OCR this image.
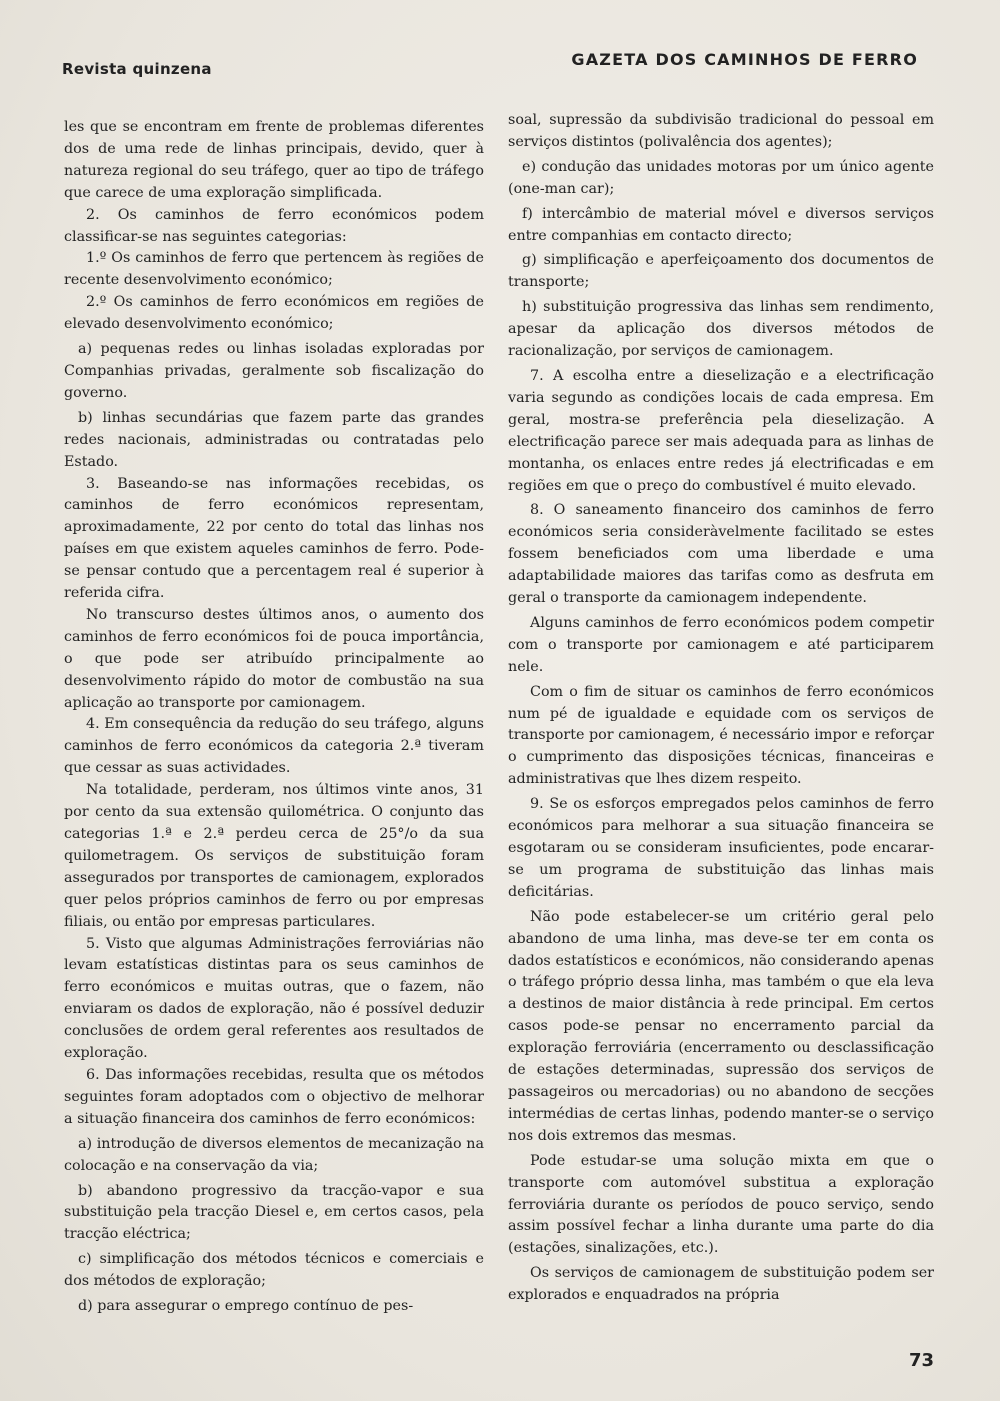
Revista quinzena	GAZETA DOS CAMINHOS DE FERRO

les que se encontram em frente de problemas diferentes dos de uma rede de linhas principais, devido, quer à natureza regional do seu tráfego, quer ao tipo de tráfego que carece de uma exploração simplificada.

2. Os caminhos de ferro económicos podem classificar-se nas seguintes categorias:

1.º Os caminhos de ferro que pertencem às regiões de recente desenvolvimento económico;

2.º Os caminhos de ferro económicos em regiões de elevado desenvolvimento económico;

a) pequenas redes ou linhas isoladas exploradas por Companhias privadas, geralmente sob fiscalização do governo.

b) linhas secundárias que fazem parte das grandes redes nacionais, administradas ou contratadas pelo Estado.

3. Baseando-se nas informações recebidas, os caminhos de ferro económicos representam, aproximadamente, 22 por cento do total das linhas nos países em que existem aqueles caminhos de ferro. Pode-se pensar contudo que a percentagem real é superior à referida cifra.

No transcurso destes últimos anos, o aumento dos caminhos de ferro económicos foi de pouca importância, o que pode ser atribuído principalmente ao desenvolvimento rápido do motor de combustão na sua aplicação ao transporte por camionagem.

4. Em consequência da redução do seu tráfego, alguns caminhos de ferro económicos da categoria 2.ª tiveram que cessar as suas actividades.

Na totalidade, perderam, nos últimos vinte anos, 31 por cento da sua extensão quilométrica. O conjunto das categorias 1.ª e 2.ª perdeu cerca de 25°/o da sua quilometragem. Os serviços de substituição foram assegurados por transportes de camionagem, explorados quer pelos próprios caminhos de ferro ou por empresas filiais, ou então por empresas particulares.

5. Visto que algumas Administrações ferroviárias não levam estatísticas distintas para os seus caminhos de ferro económicos e muitas outras, que o fazem, não enviaram os dados de exploração, não é possível deduzir conclusões de ordem geral referentes aos resultados de exploração.

6. Das informações recebidas, resulta que os métodos seguintes foram adoptados com o objectivo de melhorar a situação financeira dos caminhos de ferro económicos:

a) introdução de diversos elementos de mecanização na colocação e na conservação da via;

b) abandono progressivo da tracção-vapor e sua substituição pela tracção Diesel e, em certos casos, pela tracção eléctrica;

c) simplificação dos métodos técnicos e comerciais e dos métodos de exploração;

d) para assegurar o emprego contínuo de pes-

soal, supressão da subdivisão tradicional do pessoal em serviços distintos (polivalência dos agentes);

e) condução das unidades motoras por um único agente (one-man car);

f) intercâmbio de material móvel e diversos serviços entre companhias em contacto directo;

g) simplificação e aperfeiçoamento dos documentos de transporte;

h) substituição progressiva das linhas sem rendimento, apesar da aplicação dos diversos métodos de racionalização, por serviços de camionagem.

7. A escolha entre a dieselização e a electrificação varia segundo as condições locais de cada empresa. Em geral, mostra-se preferência pela dieselização. A electrificação parece ser mais adequada para as linhas de montanha, os enlaces entre redes já electrificadas e em regiões em que o preço do combustível é muito elevado.

8. O saneamento financeiro dos caminhos de ferro económicos seria consideràvelmente facilitado se estes fossem beneficiados com uma liberdade e uma adaptabilidade maiores das tarifas como as desfruta em geral o transporte da camionagem independente.

Alguns caminhos de ferro económicos podem competir com o transporte por camionagem e até participarem nele.

Com o fim de situar os caminhos de ferro económicos num pé de igualdade e equidade com os serviços de transporte por camionagem, é necessário impor e reforçar o cumprimento das disposições técnicas, financeiras e administrativas que lhes dizem respeito.

9. Se os esforços empregados pelos caminhos de ferro económicos para melhorar a sua situação financeira se esgotaram ou se consideram insuficientes, pode encarar-se um programa de substituição das linhas mais deficitárias.

Não pode estabelecer-se um critério geral pelo abandono de uma linha, mas deve-se ter em conta os dados estatísticos e económicos, não considerando apenas o tráfego próprio dessa linha, mas também o que ela leva a destinos de maior distância à rede principal. Em certos casos pode-se pensar no encerramento parcial da exploração ferroviária (encerramento ou desclassificação de estações determinadas, supressão dos serviços de passageiros ou mercadorias) ou no abandono de secções intermédias de certas linhas, podendo manter-se o serviço nos dois extremos das mesmas.

Pode estudar-se uma solução mixta em que o transporte com automóvel substitua a exploração ferroviária durante os períodos de pouco serviço, sendo assim possível fechar a linha durante uma parte do dia (estações, sinalizações, etc.).

Os serviços de camionagem de substituição podem ser explorados e enquadrados na própria

73
